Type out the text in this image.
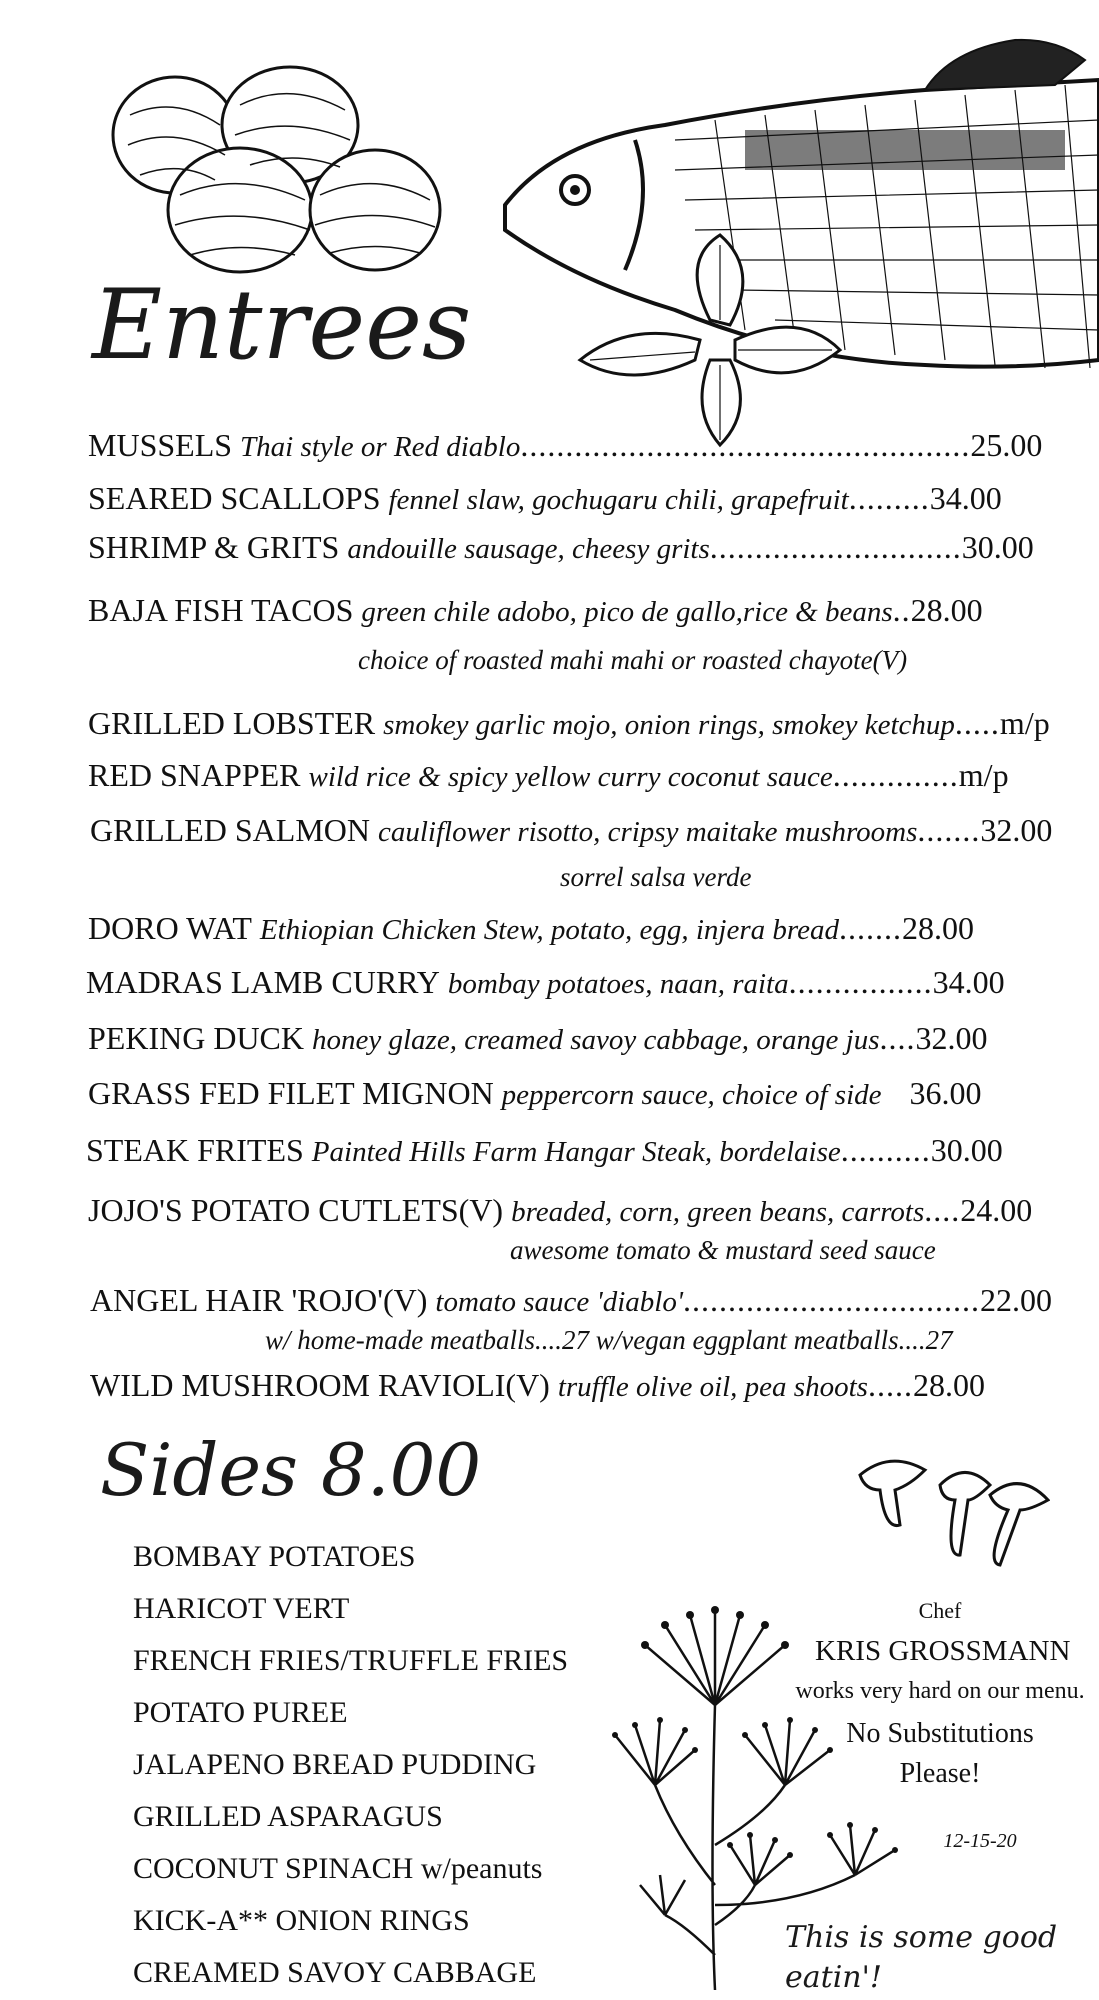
Entrees
MUSSELS Thai style or Red diablo..................................................25.00
SEARED SCALLOPS fennel slaw, gochugaru chili, grapefruit.........34.00
SHRIMP & GRITS andouille sausage, cheesy grits............................30.00
BAJA FISH TACOS green chile adobo, pico de gallo,rice & beans..28.00
GRILLED LOBSTER smokey garlic mojo, onion rings, smokey ketchup.....m/p
RED SNAPPER wild rice & spicy yellow curry coconut sauce..............m/p
GRILLED SALMON cauliflower risotto, cripsy maitake mushrooms.......32.00
DORO WAT Ethiopian Chicken Stew, potato, egg, injera bread.......28.00
MADRAS LAMB CURRY bombay potatoes, naan, raita................34.00
PEKING DUCK honey glaze, creamed savoy cabbage, orange jus....32.00
GRASS FED FILET MIGNON peppercorn sauce, choice of side 36.00
STEAK FRITES Painted Hills Farm Hangar Steak, bordelaise..........30.00
JOJO'S POTATO CUTLETS(V) breaded, corn, green beans, carrots....24.00
ANGEL HAIR 'ROJO'(V) tomato sauce 'diablo'.................................22.00
WILD MUSHROOM RAVIOLI(V) truffle olive oil, pea shoots.....28.00
choice of roasted mahi mahi or roasted chayote(V)
sorrel salsa verde
awesome tomato & mustard seed sauce
w/ home-made meatballs....27 w/vegan eggplant meatballs....27
Sides 8.00
BOMBAY POTATOES
HARICOT VERT
FRENCH FRIES/TRUFFLE FRIES
POTATO PUREE
JALAPENO BREAD PUDDING
GRILLED ASPARAGUS
COCONUT SPINACH w/peanuts
KICK-A** ONION RINGS
CREAMED SAVOY CABBAGE
Chef
KRIS GROSSMANN
works very hard on our menu.
No Substitutions
Please!
12-15-20
This is some good eatin'!
